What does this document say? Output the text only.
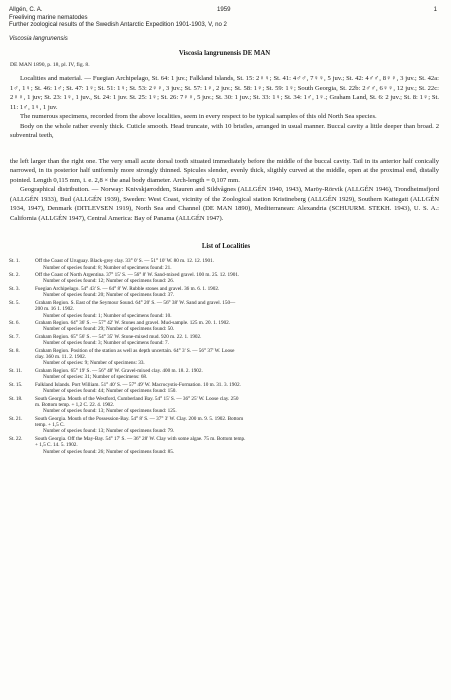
Allgén, C. A.	1959	1
Freeliving marine nematodes
Further zoological results of the Swedish Antarctic Expedition 1901-1903, V, no 2
Viscosia langrunensis
Viscosia langrunensis DE MAN
DE MAN 1890, p. 18, pl. IV, fig. 8.

Localities and material. — Fuegian Archipelago, St. 64: 1 juv.; Falkland Islands, St. 15: 2♀♀; St. 41: 4♂♂, 7♀♀, 5 juv.; St. 42: 4♂♂, 8♀♀, 3 juv.; St. 42a: 1♂, 1♀; St. 46: 1♂; St. 47: 1♀; St. 51: 1♀; St. 53: 2♀♀, 3 juv.; St. 57: 1♀, 2 juv.; St. 58: 1♀; St. 59: 1♀; South Georgia, St. 22b: 2♂♂, 6♀♀, 12 juv.; St. 22c: 2♀♀, 1 juv; St. 23: 1♀, 1 juv., St. 24: 1 juv. St. 25: 1♀; St. 26: 7♀♀, 5 juv.; St. 30: 1 juv.; St. 33: 1♀; St. 34: 1♂, 1♀.; Graham Land, St. 6: 2 juv.; St. 8: 1♀; St. 11: 1♂, 1♀, 1 juv.

The numerous specimens, recorded from the above localities, seem in every respect to be typical samples of this old North Sea species.

Body on the whole rather evenly thick. Cuticle smooth. Head truncate, with 10 bristles, arranged in usual manner. Buccal cavity a little deeper than broad. 2 subventral teeth,

the left larger than the right one. The very small acute dorsal tooth situated immediately before the middle of the buccal cavity. Tail in its anterior half conically narrowed, in its posterior half uniformly more strongly thinned. Spicules slender, evenly thick, sligthly curved at the middle, open at the proximal end, distally pointed. Length 0,115 mm, i. e. 2,8 × the anal body diameter. Arch-length = 0,107 mm.

Geographical distribution. — Norway: Knivskjærodden, Stauren and Sildvågnes (ALLGÉN 1940, 1943), Maröy-Rörvik (ALLGÉN 1946), Trondheimsfjord (ALLGÉN 1933), Bud (ALLGÉN 1939), Sweden: West Coast, vicinity of the Zoological station Kristineberg (ALLGÉN 1929), Southern Kattegatt (ALLGÉN 1934, 1947), Denmark (DITLEVSEN 1919), North Sea and Channel (DE MAN 1890), Mediterranean: Alexandria (SCHUURM. STEKH. 1943), U. S. A.: California (ALLGÉN 1947), Central America: Bay of Panama (ALLGÉN 1947).

List of Localities
St. 1.	Off the Coast of Uruguay. Black-grey clay. 33° 0' S. — 51° 10' W. 80 m. 12. 12. 1901.
Number of species found: 8; Number of specimens found: 21.
St. 2.	Off the Coast of North Argentina. 37° 15' S. — 56° 8' W. Sand-mixed gravel. 100 m. 25. 12. 1901.
Number of species found: 12; Number of specimens found: 26.
St. 3.	Fuegian Archipelago. 54° 43' S. — 64° 8' W. Rubble stones and gravel. 36 m. 6. 1. 1902.
Number of species found: 20; Number of specimens found: 37.
St. 5.	Graham Region. S. East of the Seymour Sound. 64° 20' S. — 56° 38' W. Sand and gravel. 150—
200 m. 16 1. 1902.
Number of species found: 1; Number of specimens found: 10.
St. 6.	Graham Region. 64° 36' S. — 57° 42' W. Stones and gravel. Mud-sample. 125 m. 20. 1. 1902.
Number of species found: 29; Number of specimens found: 50.
St. 7.	Graham Region. 65° 56' S. — 54° 35' W. Stone-mixed mud. 920 m. 22. 1. 1902.
Number of species found: 3; Number of specimens found: 7.
St. 8.	Graham Region. Position of the station as well as depth uncertain. 64° 3' S. — 56° 37' W. Loose
clay. 360 m. 11. 2. 1902.
Number of species: 9; Number of specimens: 33.
St. 11.	Graham Region. 65° 19' S. — 56° 48' W. Gravel-mixed clay. 400 m. 18. 2. 1902.
Number of species: 31; Number of specimens: 68.
St. 15.	Falkland Islands. Port William. 51° 40' S. — 57° 49' W. Macrocystis-Formation. 10 m. 31. 3. 1902.
Number of species found: 44; Number of specimens found: 150.
St. 18.	South Georgia. Mouth of the Westford, Cumberland Bay. 54° 15' S. — 36° 25' W. Loose clay. 250
m. Bottom temp. + 1,2 C. 22. 4. 1902.
Number of species found: 13; Number of specimens found: 125.
St. 21.	South Georgia. Mouth of the Possession-Bay. 54° 8' S. — 37° 3' W. Clay. 200 m. 9. 5. 1902. Bottom
temp. + 1,5 C.
Number of species found: 13; Number of specimens found: 79.
St. 22.	South Georgia. Off the May-Bay. 54° 17' S. — 36° 28' W. Clay with some algae. 75 m. Bottom temp.
+ 1,5 C. 14. 5. 1902.
Number of species found: 26; Number of specimens found: 85.
